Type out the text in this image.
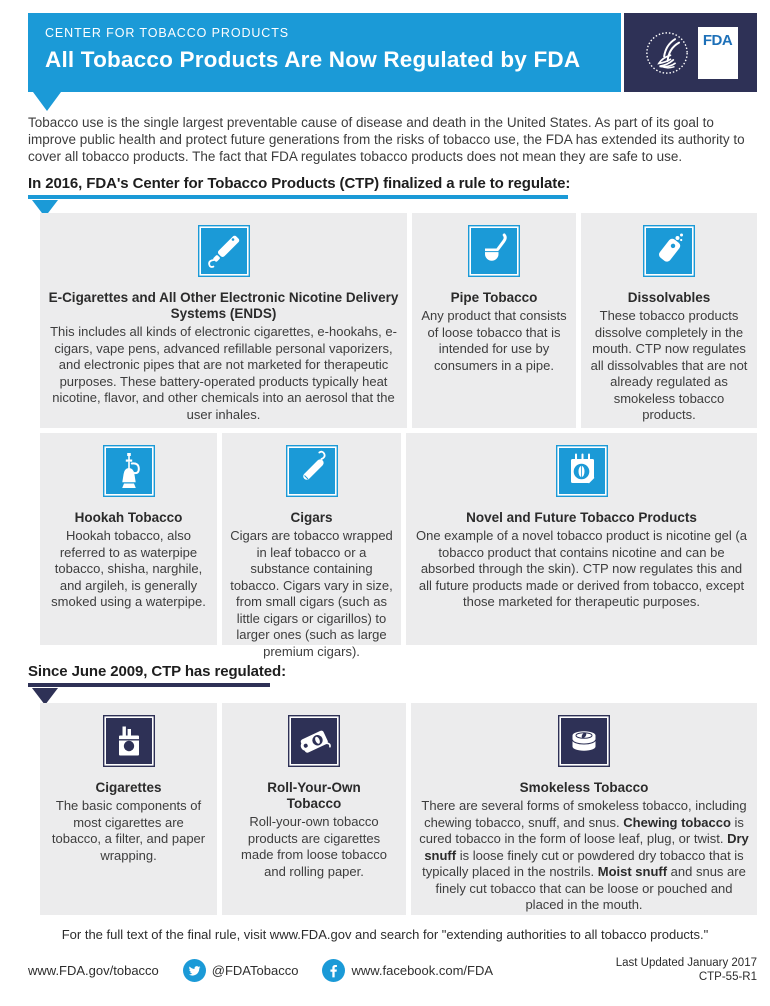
CENTER FOR TOBACCO PRODUCTS
All Tobacco Products Are Now Regulated by FDA
FDA

Tobacco use is the single largest preventable cause of disease and death in the United States. As part of its goal to improve public health and protect future generations from the risks of tobacco use, the FDA has extended its authority to cover all tobacco products. The fact that FDA regulates tobacco products does not mean they are safe to use.

In 2016, FDA's Center for Tobacco Products (CTP) finalized a rule to regulate:
E-Cigarettes and All Other Electronic Nicotine Delivery Systems (ENDS)
This includes all kinds of electronic cigarettes, e-hookahs, e-cigars, vape pens, advanced refillable personal vaporizers, and electronic pipes that are not marketed for therapeutic purposes. These battery-operated products typically heat nicotine, flavor, and other chemicals into an aerosol that the user inhales.
Pipe Tobacco
Any product that consists of loose tobacco that is intended for use by consumers in a pipe.
Dissolvables
These tobacco products dissolve completely in the mouth. CTP now regulates all dissolvables that are not already regulated as smokeless tobacco products.
Hookah Tobacco
Hookah tobacco, also referred to as waterpipe tobacco, shisha, narghile, and argileh, is generally smoked using a waterpipe.
Cigars
Cigars are tobacco wrapped in leaf tobacco or a substance containing tobacco. Cigars vary in size, from small cigars (such as little cigars or cigarillos) to larger ones (such as large premium cigars).
Novel and Future Tobacco Products
One example of a novel tobacco product is nicotine gel (a tobacco product that contains nicotine and can be absorbed through the skin). CTP now regulates this and all future products made or derived from tobacco, except those marketed for therapeutic purposes.
Since June 2009, CTP has regulated:
Cigarettes
The basic components of most cigarettes are tobacco, a filter, and paper wrapping.
Roll-Your-Own Tobacco
Roll-your-own tobacco products are cigarettes made from loose tobacco and rolling paper.
Smokeless Tobacco
There are several forms of smokeless tobacco, including chewing tobacco, snuff, and snus. Chewing tobacco is cured tobacco in the form of loose leaf, plug, or twist. Dry snuff is loose finely cut or powdered dry tobacco that is typically placed in the nostrils. Moist snuff and snus are finely cut tobacco that can be loose or pouched and placed in the mouth.
For the full text of the final rule, visit www.FDA.gov and search for "extending authorities to all tobacco products."
www.FDA.gov/tobacco	@FDATobacco	www.facebook.com/FDA	Last Updated January 2017
CTP-55-R1
